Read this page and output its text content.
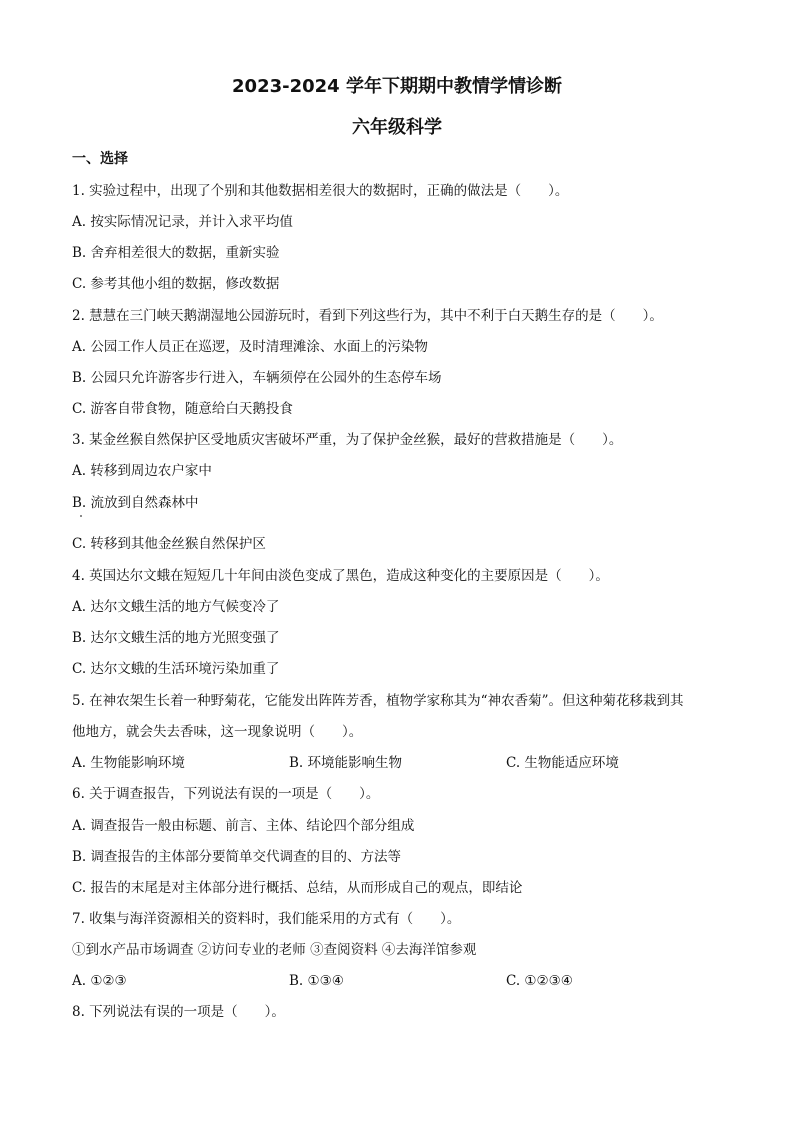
2023-2024 学年下期期中教情学情诊断
六年级科学
一、选择
1. 实验过程中，出现了个别和其他数据相差很大的数据时，正确的做法是（　　）。
A. 按实际情况记录，并计入求平均值
B. 舍弃相差很大的数据，重新实验
C. 参考其他小组的数据，修改数据
2. 慧慧在三门峡天鹅湖湿地公园游玩时，看到下列这些行为，其中不利于白天鹅生存的是（　　）。
A. 公园工作人员正在巡逻，及时清理滩涂、水面上的污染物
B. 公园只允许游客步行进入，车辆须停在公园外的生态停车场
C. 游客自带食物，随意给白天鹅投食
3. 某金丝猴自然保护区受地质灾害破坏严重，为了保护金丝猴，最好的营救措施是（　　）。
A. 转移到周边农户家中
B. 流放到自然森林中
C. 转移到其他金丝猴自然保护区
4. 英国达尔文蛾在短短几十年间由淡色变成了黑色，造成这种变化的主要原因是（　　）。
A. 达尔文蛾生活的地方气候变冷了
B. 达尔文蛾生活的地方光照变强了
C. 达尔文蛾的生活环境污染加重了
5. 在神农架生长着一种野菊花，它能发出阵阵芳香，植物学家称其为“神农香菊”。但这种菊花移栽到其
他地方，就会失去香味，这一现象说明（　　）。
A. 生物能影响环境	B. 环境能影响生物	C. 生物能适应环境
6. 关于调查报告，下列说法有误的一项是（　　）。
A. 调查报告一般由标题、前言、主体、结论四个部分组成
B. 调查报告的主体部分要简单交代调查的目的、方法等
C. 报告的末尾是对主体部分进行概括、总结，从而形成自己的观点，即结论
7. 收集与海洋资源相关的资料时，我们能采用的方式有（　　）。
①到水产品市场调查 ②访问专业的老师 ③查阅资料 ④去海洋馆参观
A. ①②③	B. ①③④	C. ①②③④
8. 下列说法有误的一项是（　　）。
